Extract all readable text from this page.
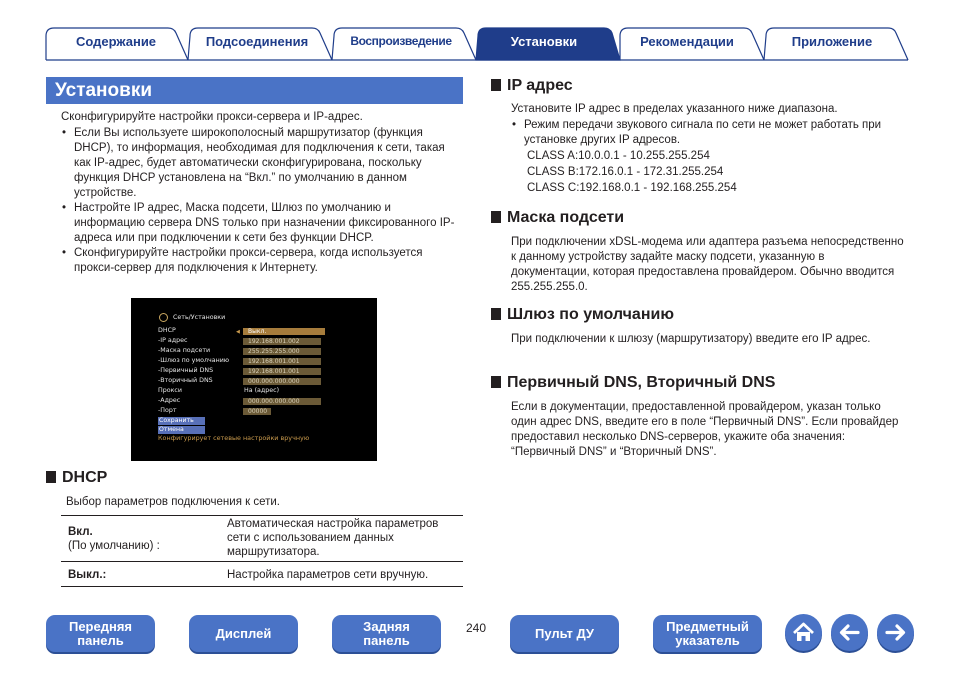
Содержание	Подсоединения	Воспроизведение	Установки	Рекомендации	Приложение
Установки
Сконфигурируйте настройки прокси-сервера и IP-адрес.
• Если Вы используете широкополосный маршрутизатор (функция DHCP), то информация, необходимая для подключения к сети, такая как IP-адрес, будет автоматически сконфигурирована, поскольку функция DHCP установлена на “Вкл.” по умолчанию в данном устройстве.
• Настройте IP адрес, Маска подсети, Шлюз по умолчанию и информацию сервера DNS только при назначении фиксированного IP-адреса или при подключении к сети без функции DHCP.
• Сконфигурируйте настройки прокси-сервера, когда используется прокси-сервер для подключения к Интернету.
Сеть/Установки
DHCP	◀	Выкл.
-IP адрес	192.168.001.002
-Маска подсети	255.255.255.000
-Шлюз по умолчанию	192.168.001.001
-Первичный DNS	192.168.001.001
-Вторичный DNS	000.000.000.000
Прокси	На (адрес)
-Адрес	000.000.000.000
-Порт	00000
Сохранить
Отмена
Конфигурирует сетевые настройки вручную
DHCP
Выбор параметров подключения к сети.
Вкл.
(По умолчанию) :	Автоматическая настройка параметров сети с использованием данных маршрутизатора.

Выкл.:	Настройка параметров сети вручную.
IP адрес
Установите IP адрес в пределах указанного ниже диапазона.
• Режим передачи звукового сигнала по сети не может работать при установке других IP адресов.
CLASS A:10.0.0.1 - 10.255.255.254
CLASS B:172.16.0.1 - 172.31.255.254
CLASS C:192.168.0.1 - 192.168.255.254
Маска подсети
При подключении xDSL-модема или адаптера разъема непосредственно к данному устройству задайте маску подсети, указанную в документации, которая предоставлена провайдером. Обычно вводится 255.255.255.0.
Шлюз по умолчанию
При подключении к шлюзу (маршрутизатору) введите его IP адрес.
Первичный DNS, Вторичный DNS
Если в документации, предоставленной провайдером, указан только один адрес DNS, введите его в поле “Первичный DNS”. Если провайдер предоставил несколько DNS-серверов, укажите оба значения: “Первичный DNS” и “Вторичный DNS”.
Передняя
панель	Дисплей	Задняя
панель
240	Пульт ДУ	Предметный
указатель
